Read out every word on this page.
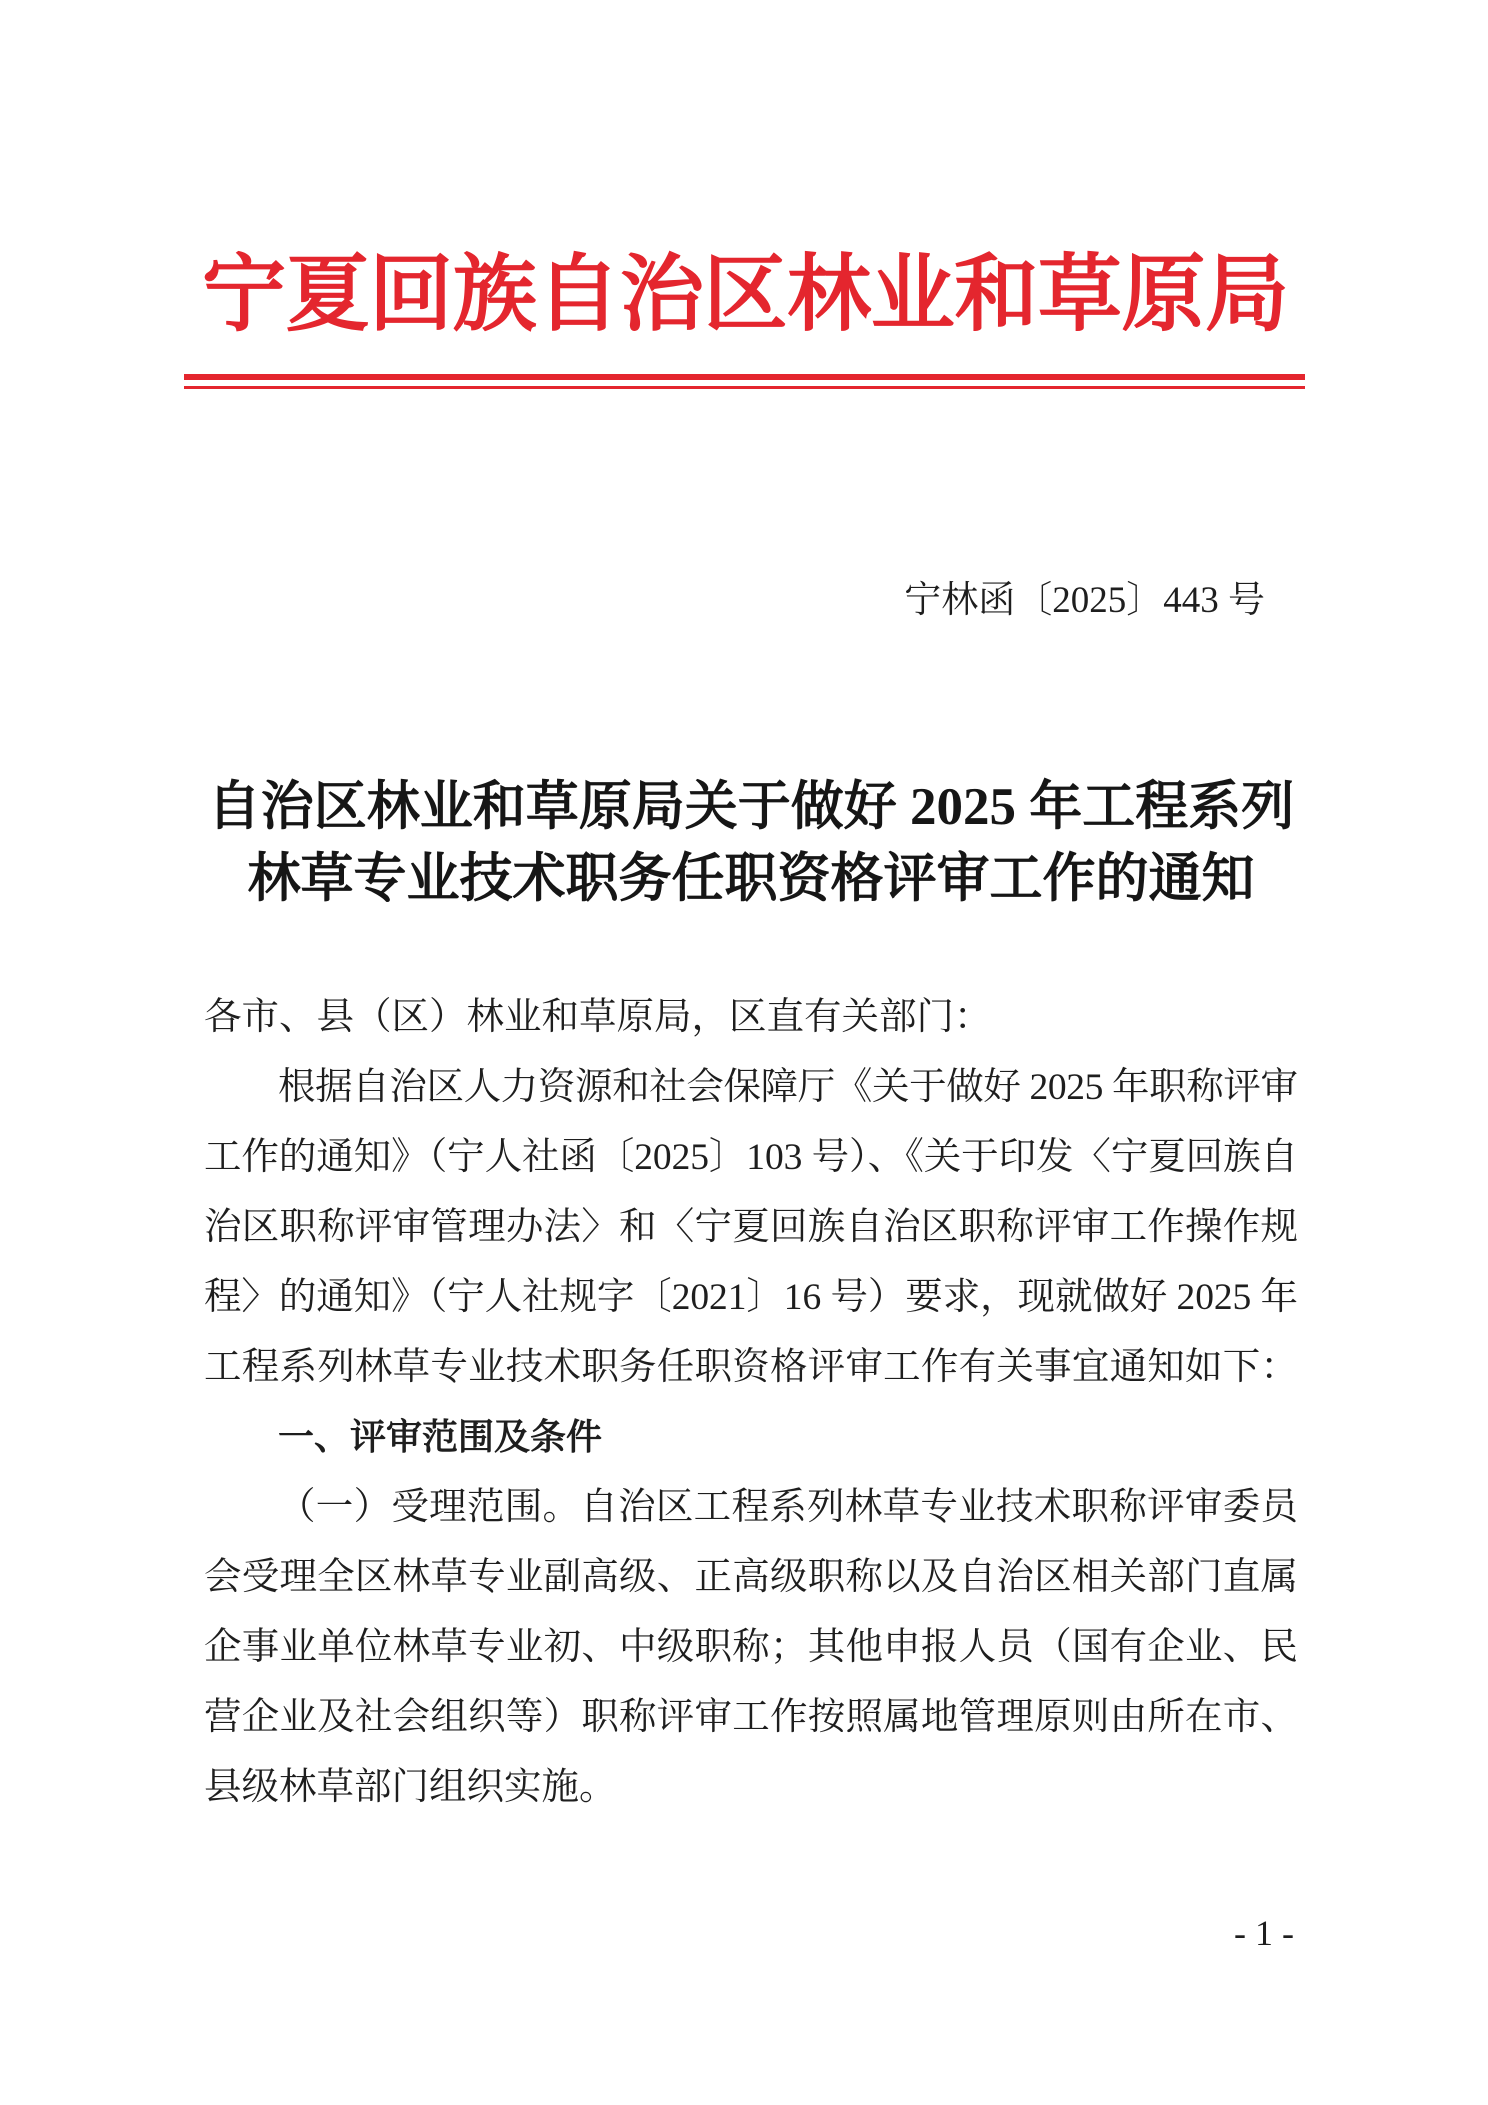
宁夏回族自治区林业和草原局
宁林函〔2025〕443 号
自治区林业和草原局关于做好 2025 年工程系列
林草专业技术职务任职资格评审工作的通知
各市、县（区）林业和草原局，区直有关部门：
根据自治区人力资源和社会保障厅《关于做好 2025 年职称评审
工作的通知》（宁人社函〔2025〕103 号）、《关于印发〈宁夏回族自
治区职称评审管理办法〉和〈宁夏回族自治区职称评审工作操作规
程〉的通知》（宁人社规字〔2021〕16 号）要求，现就做好 2025 年
工程系列林草专业技术职务任职资格评审工作有关事宜通知如下：
一、评审范围及条件
（一）受理范围。自治区工程系列林草专业技术职称评审委员
会受理全区林草专业副高级、正高级职称以及自治区相关部门直属
企事业单位林草专业初、中级职称；其他申报人员（国有企业、民
营企业及社会组织等）职称评审工作按照属地管理原则由所在市、
县级林草部门组织实施。
- 1 -
